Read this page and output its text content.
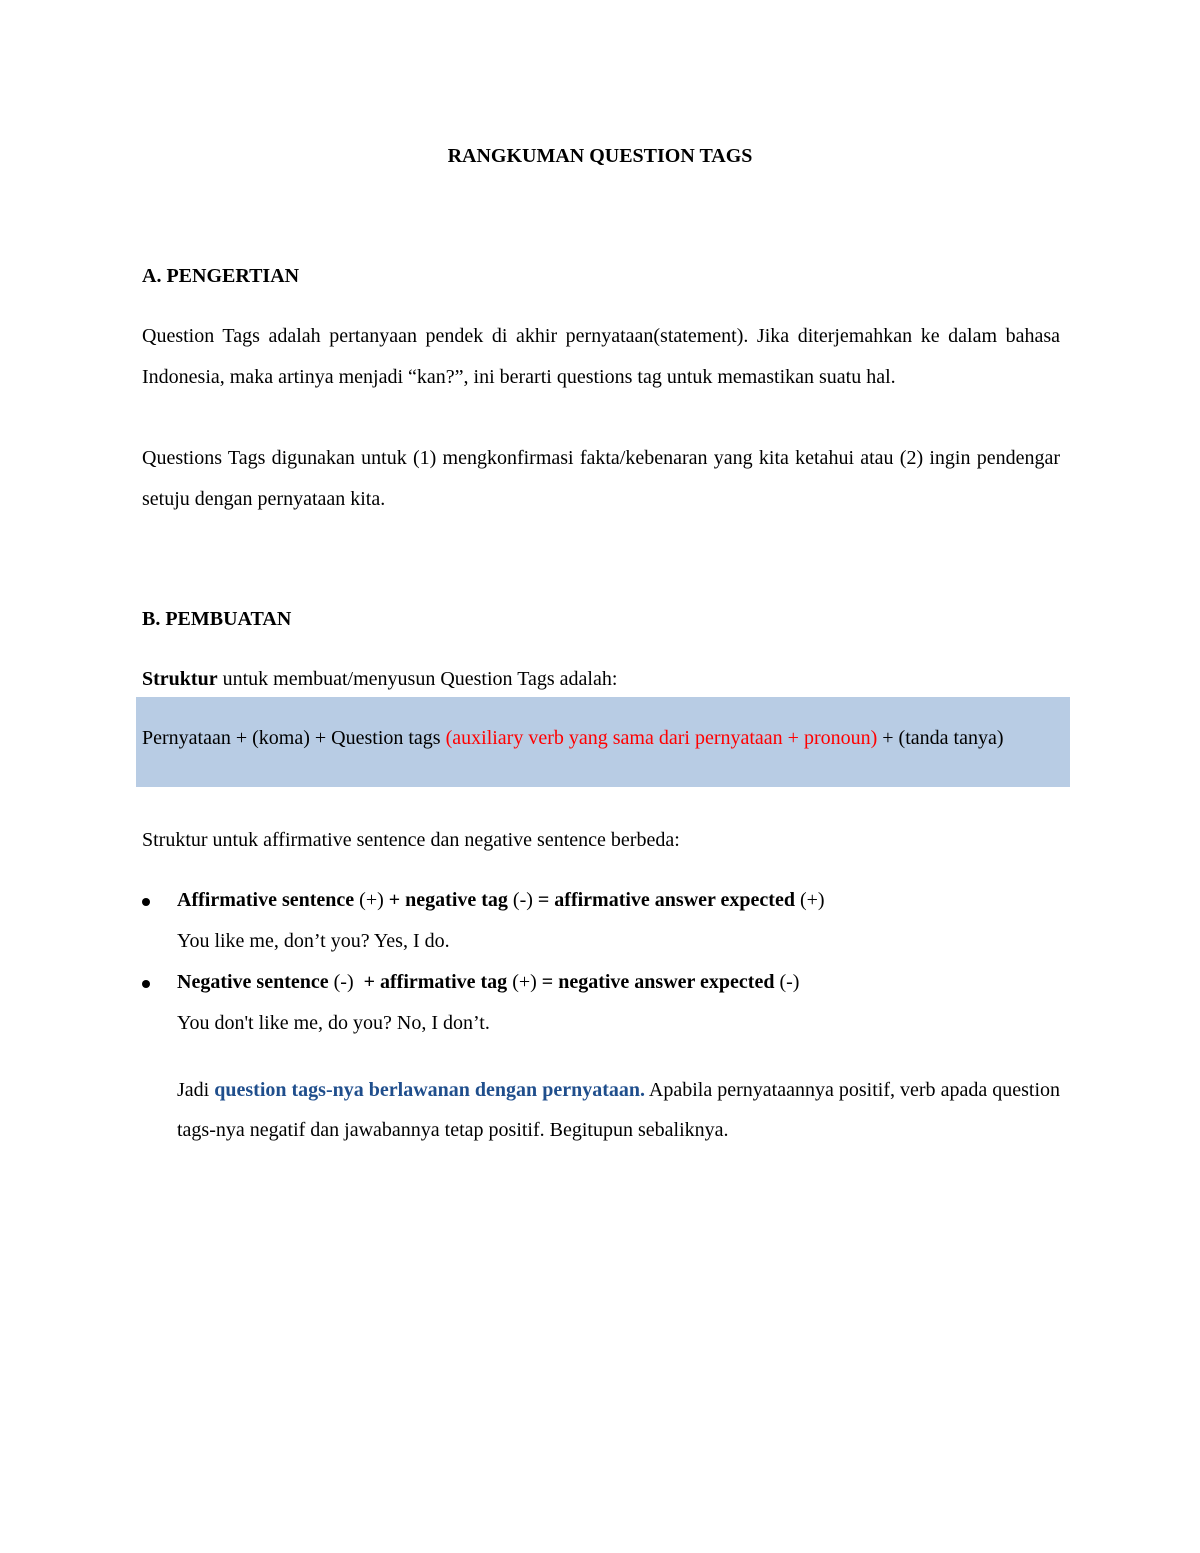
RANGKUMAN QUESTION TAGS
A. PENGERTIAN
Question Tags adalah pertanyaan pendek di akhir pernyataan(statement). Jika diterjemahkan ke dalam bahasa Indonesia, maka artinya menjadi “kan?”, ini berarti questions tag untuk memastikan suatu hal.
Questions Tags digunakan untuk (1) mengkonfirmasi fakta/kebenaran yang kita ketahui atau (2) ingin pendengar setuju dengan pernyataan kita.
B. PEMBUATAN
Struktur untuk membuat/menyusun Question Tags adalah:
Pernyataan + (koma) + Question tags (auxiliary verb yang sama dari pernyataan + pronoun) + (tanda tanya)
Struktur untuk affirmative sentence dan negative sentence berbeda:
Affirmative sentence (+) + negative tag (-) = affirmative answer expected (+)
You like me, don’t you? Yes, I do.
Negative sentence (-)  + affirmative tag (+) = negative answer expected (-)
You don't like me, do you? No, I don’t.
Jadi question tags-nya berlawanan dengan pernyataan. Apabila pernyataannya positif, verb apada question tags-nya negatif dan jawabannya tetap positif. Begitupun sebaliknya.
